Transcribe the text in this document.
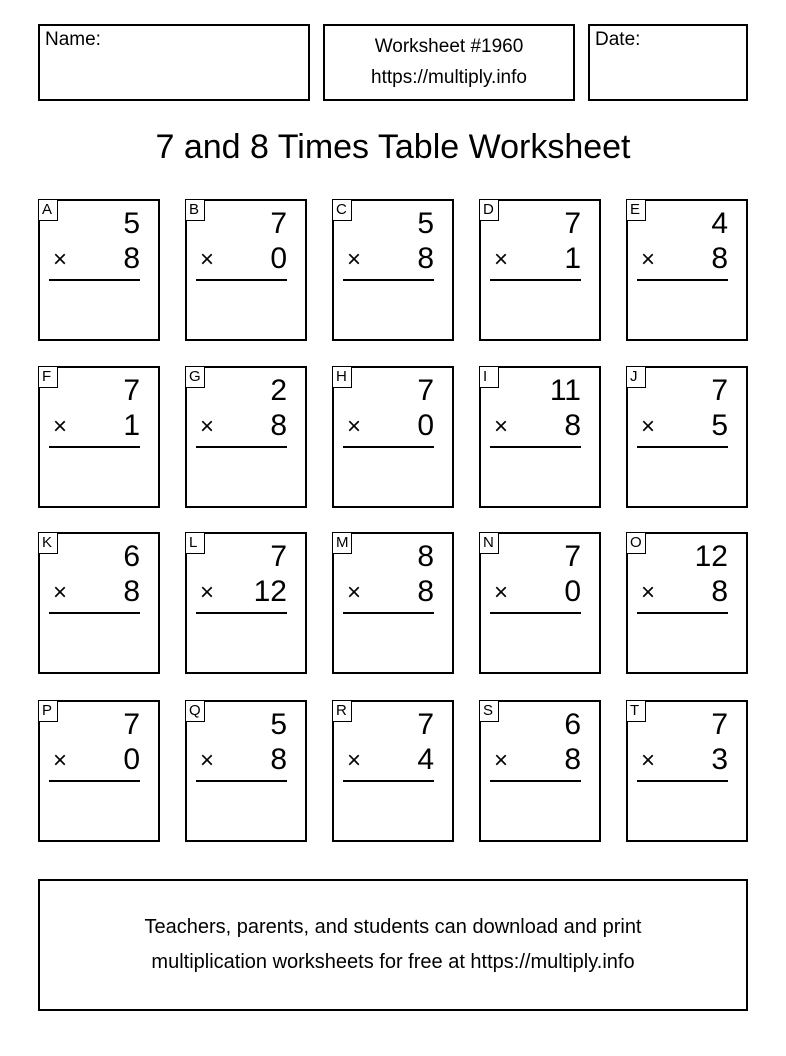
Name:	Worksheet #1960
https://multiply.info
Date:
7 and 8 Times Table Worksheet
A 5
× 8
B 7
× 0
C 5
× 8
D 7
× 1
E 4
× 8
F 7
× 1
G 2
× 8
H 7
× 0
I	11
× 8
J 7
× 5
K 6
× 8
L 7
× 12
M 8
× 8
N 7
× 0
O 12
× 8
P 7
× 0
Q 5
× 8
R 7
× 4
S 6
× 8
T 7
× 3
Teachers, parents, and students can download and print
multiplication worksheets for free at https://multiply.info
